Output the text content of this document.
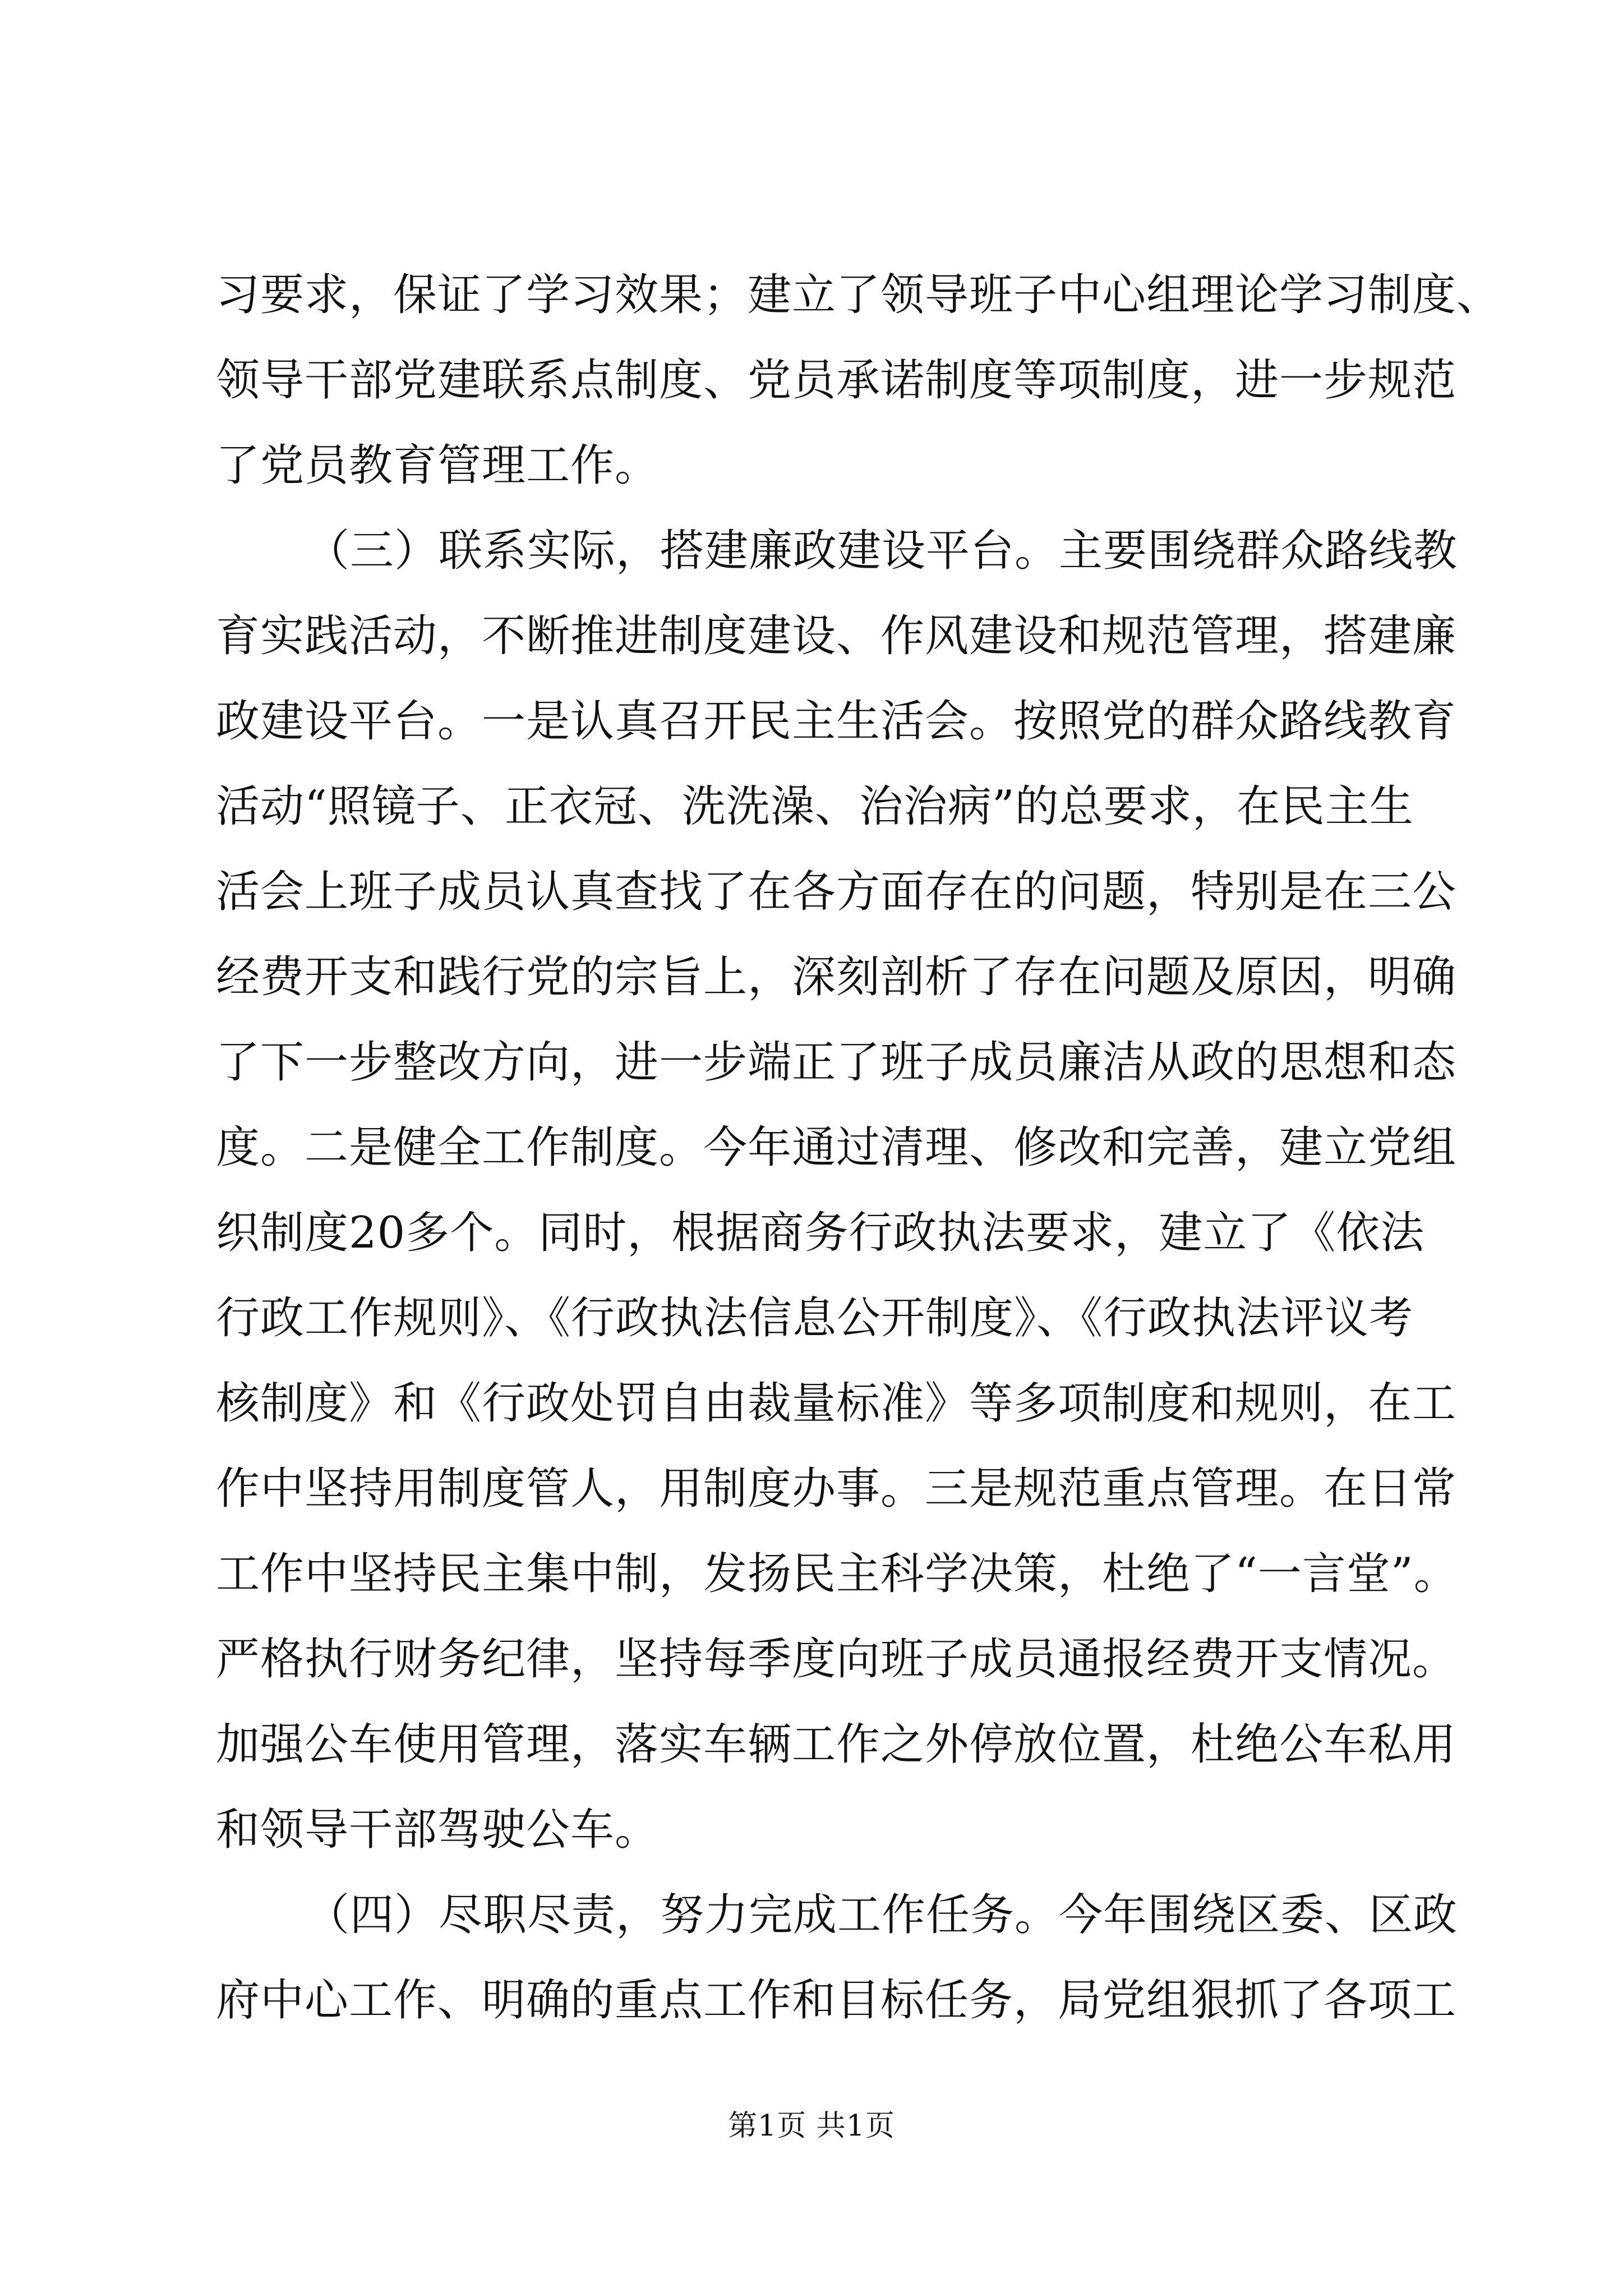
习要求，保证了学习效果；建立了领导班子中心组理论学习制度、
领导干部党建联系点制度、党员承诺制度等项制度，进一步规范
了党员教育管理工作。
（三）联系实际，搭建廉政建设平台。主要围绕群众路线教
育实践活动，不断推进制度建设、作风建设和规范管理，搭建廉
政建设平台。一是认真召开民主生活会。按照党的群众路线教育
活动“照镜子、正衣冠、洗洗澡、治治病”的总要求，在民主生
活会上班子成员认真查找了在各方面存在的问题，特别是在三公
经费开支和践行党的宗旨上，深刻剖析了存在问题及原因，明确
了下一步整改方向，进一步端正了班子成员廉洁从政的思想和态
度。二是健全工作制度。今年通过清理、修改和完善，建立党组
织制度20多个。同时，根据商务行政执法要求，建立了《依法
行政工作规则》、《行政执法信息公开制度》、《行政执法评议考
核制度》和《行政处罚自由裁量标准》等多项制度和规则，在工
作中坚持用制度管人，用制度办事。三是规范重点管理。在日常
工作中坚持民主集中制，发扬民主科学决策，杜绝了“一言堂”。
严格执行财务纪律，坚持每季度向班子成员通报经费开支情况。
加强公车使用管理，落实车辆工作之外停放位置，杜绝公车私用
和领导干部驾驶公车。
（四）尽职尽责，努力完成工作任务。今年围绕区委、区政
府中心工作、明确的重点工作和目标任务，局党组狠抓了各项工
第1页 共1页
